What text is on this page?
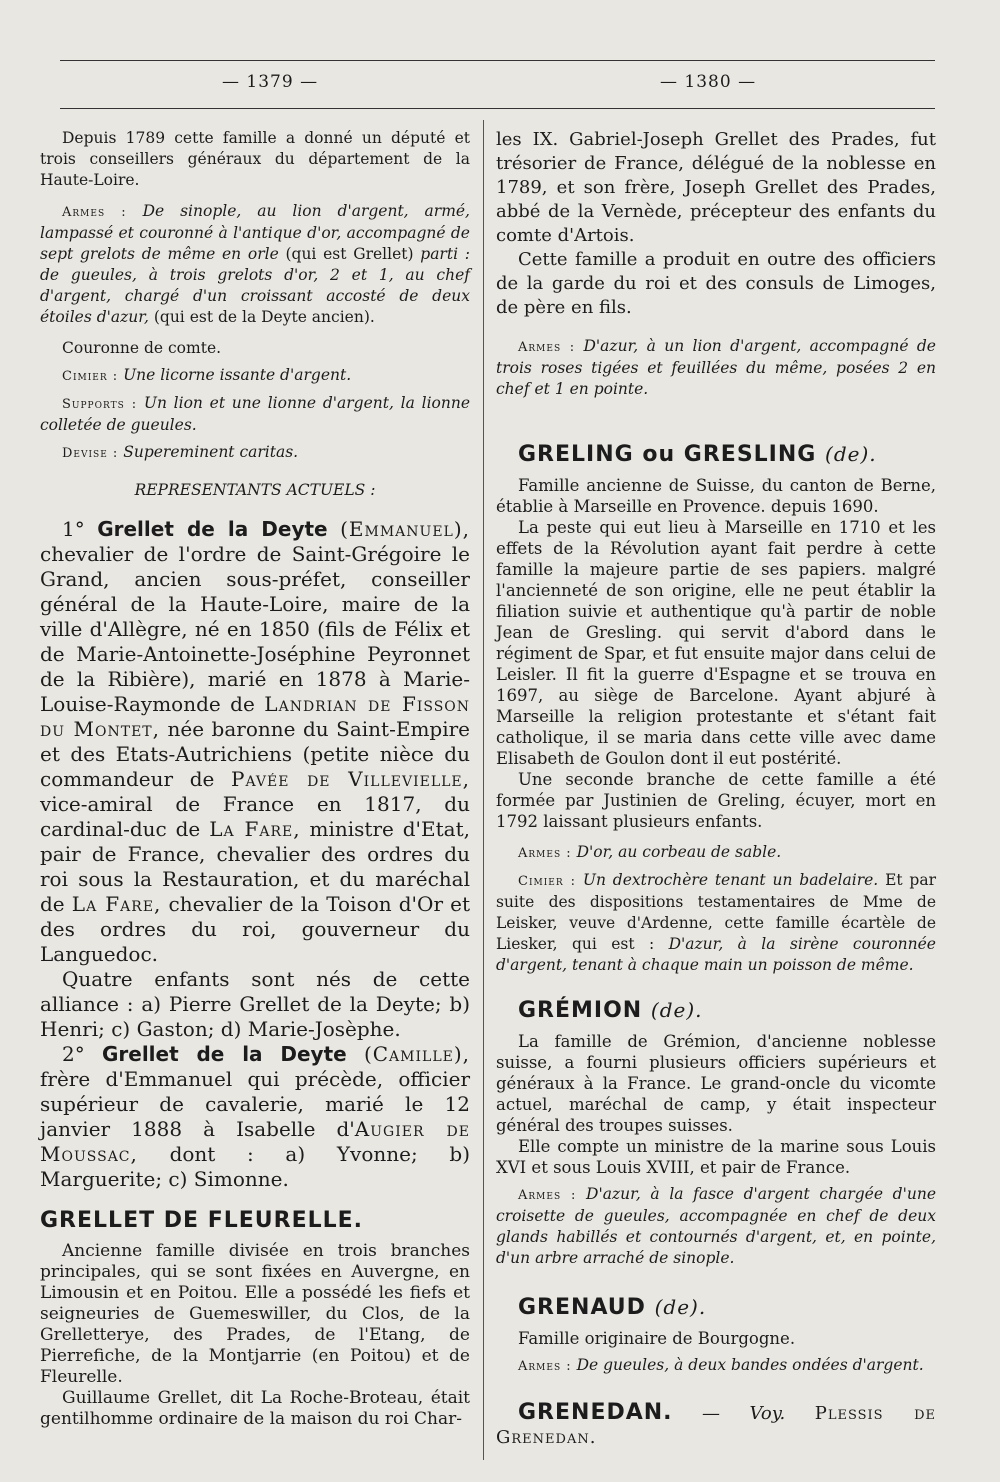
— 1379 —	— 1380 —

Depuis 1789 cette famille a donné un député et trois conseillers généraux du département de la Haute-Loire.

Armes : De sinople, au lion d'argent, armé, lampassé et couronné à l'antique d'or, accompagné de sept grelots de même en orle (qui est Grellet) parti : de gueules, à trois grelots d'or, 2 et 1, au chef d'argent, chargé d'un croissant accosté de deux étoiles d'azur, (qui est de la Deyte ancien).

Couronne de comte.

Cimier : Une licorne issante d'argent.

Supports : Un lion et une lionne d'argent, la lionne colletée de gueules.

Devise : Supereminent caritas.

REPRESENTANTS ACTUELS :

1° Grellet de la Deyte (Emmanuel), chevalier de l'ordre de Saint-Grégoire le Grand, ancien sous-préfet, conseiller général de la Haute-Loire, maire de la ville d'Allègre, né en 1850 (fils de Félix et de Marie-Antoinette-Joséphine Peyronnet de la Ribière), marié en 1878 à Marie-Louise-Raymonde de Landrian de Fisson du Montet, née baronne du Saint-Empire et des Etats-Autrichiens (petite nièce du commandeur de Pavée de Villevielle, vice-amiral de France en 1817, du cardinal-duc de La Fare, ministre d'Etat, pair de France, chevalier des ordres du roi sous la Restauration, et du maréchal de La Fare, chevalier de la Toison d'Or et des ordres du roi, gouverneur du Languedoc.

Quatre enfants sont nés de cette alliance : a) Pierre Grellet de la Deyte; b) Henri; c) Gaston; d) Marie-Josèphe.

2° Grellet de la Deyte (Camille), frère d'Emmanuel qui précède, officier supérieur de cavalerie, marié le 12 janvier 1888 à Isabelle d'Augier de Moussac, dont : a) Yvonne; b) Marguerite; c) Simonne.

GRELLET DE FLEURELLE.

Ancienne famille divisée en trois branches principales, qui se sont fixées en Auvergne, en Limousin et en Poitou. Elle a possédé les fiefs et seigneuries de Guemeswiller, du Clos, de la Grelletterye, des Prades, de l'Etang, de Pierrefiche, de la Montjarrie (en Poitou) et de Fleurelle.

Guillaume Grellet, dit La Roche-Broteau, était gentilhomme ordinaire de la maison du roi Char-

les IX. Gabriel-Joseph Grellet des Prades, fut trésorier de France, délégué de la noblesse en 1789, et son frère, Joseph Grellet des Prades, abbé de la Vernède, précepteur des enfants du comte d'Artois.

Cette famille a produit en outre des officiers de la garde du roi et des consuls de Limoges, de père en fils.

Armes : D'azur, à un lion d'argent, accompagné de trois roses tigées et feuillées du même, posées 2 en chef et 1 en pointe.

GRELING ou GRESLING (de).

Famille ancienne de Suisse, du canton de Berne, établie à Marseille en Provence. depuis 1690.

La peste qui eut lieu à Marseille en 1710 et les effets de la Révolution ayant fait perdre à cette famille la majeure partie de ses papiers. malgré l'ancienneté de son origine, elle ne peut établir la filiation suivie et authentique qu'à partir de noble Jean de Gresling. qui servit d'abord dans le régiment de Spar, et fut ensuite major dans celui de Leisler. Il fit la guerre d'Espagne et se trouva en 1697, au siège de Barcelone. Ayant abjuré à Marseille la religion protestante et s'étant fait catholique, il se maria dans cette ville avec dame Elisabeth de Goulon dont il eut postérité.

Une seconde branche de cette famille a été formée par Justinien de Greling, écuyer, mort en 1792 laissant plusieurs enfants.

Armes : D'or, au corbeau de sable.

Cimier : Un dextrochère tenant un badelaire. Et par suite des dispositions testamentaires de Mme de Leisker, veuve d'Ardenne, cette famille écartèle de Liesker, qui est : D'azur, à la sirène couronnée d'argent, tenant à chaque main un poisson de même.

GRÉMION (de).

La famille de Grémion, d'ancienne noblesse suisse, a fourni plusieurs officiers supérieurs et généraux à la France. Le grand-oncle du vicomte actuel, maréchal de camp, y était inspecteur général des troupes suisses.

Elle compte un ministre de la marine sous Louis XVI et sous Louis XVIII, et pair de France.

Armes : D'azur, à la fasce d'argent chargée d'une croisette de gueules, accompagnée en chef de deux glands habillés et contournés d'argent, et, en pointe, d'un arbre arraché de sinople.

GRENAUD (de).

Famille originaire de Bourgogne.

Armes : De gueules, à deux bandes ondées d'argent.

GRENEDAN. — Voy. Plessis de Grenedan.
